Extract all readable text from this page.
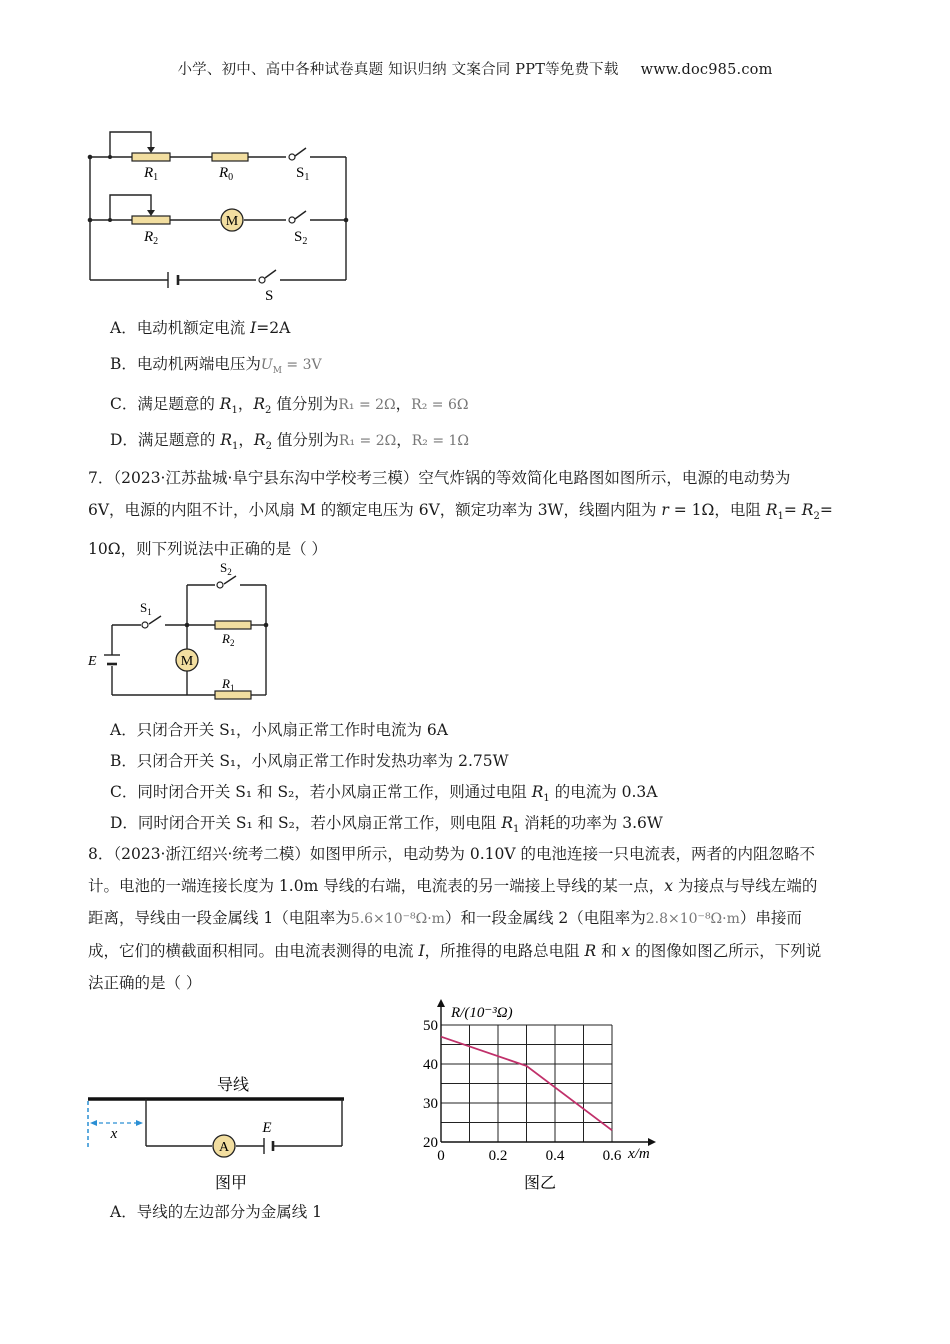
小学、初中、高中各种试卷真题 知识归纳 文案合同 PPT等免费下载 www.doc985.com
M
$R_1$	$R_0$	$S_1$
$R_2$	$S_2$
S
A．电动机额定电流 I=2A
B．电动机两端电压为$U_M = 3V$
C．满足题意的 $R_1$，$R_2$ 值分别为R₁ = 2Ω，R₂ = 6Ω
D．满足题意的 $R_1$，$R_2$ 值分别为R₁ = 2Ω，R₂ = 1Ω

7．（2023·江苏盐城·阜宁县东沟中学校考三模）空气炸锅的等效简化电路图如图所示，电源的电动势为

6V，电源的内阻不计，小风扇 M 的额定电压为 6V，额定功率为 3W，线圈内阻为 r = 1Ω，电阻 $R_1= R_2=$

10Ω，则下列说法中正确的是（ ）

M
$S_2$
$S_1$
$R_2$
$R_1$
E
A．只闭合开关 S₁，小风扇正常工作时电流为 6A
B．只闭合开关 S₁，小风扇正常工作时发热功率为 2.75W
C．同时闭合开关 S₁ 和 S₂，若小风扇正常工作，则通过电阻 $R_1$ 的电流为 0.3A
D．同时闭合开关 S₁ 和 S₂，若小风扇正常工作，则电阻 $R_1$ 消耗的功率为 3.6W

8．（2023·浙江绍兴·统考二模）如图甲所示，电动势为 0.10V 的电池连接一只电流表，两者的内阻忽略不

计。电池的一端连接长度为 1.0m 导线的右端，电流表的另一端接上导线的某一点，x 为接点与导线左端的

距离，导线由一段金属线 1（电阻率为5.6×10⁻⁸Ω·m）和一段金属线 2（电阻率为2.8×10⁻⁸Ω·m）串接而

成，它们的横截面积相同。由电流表测得的电流 I，所推得的电路总电阻 R 和 x 的图像如图乙所示，下列说

法正确的是（ ）

A
x
导线
E
图甲
0	0.2	0.4	0.6
20
30
40
50
R/(10⁻³Ω)
x/m
图乙
A．导线的左边部分为金属线 1
